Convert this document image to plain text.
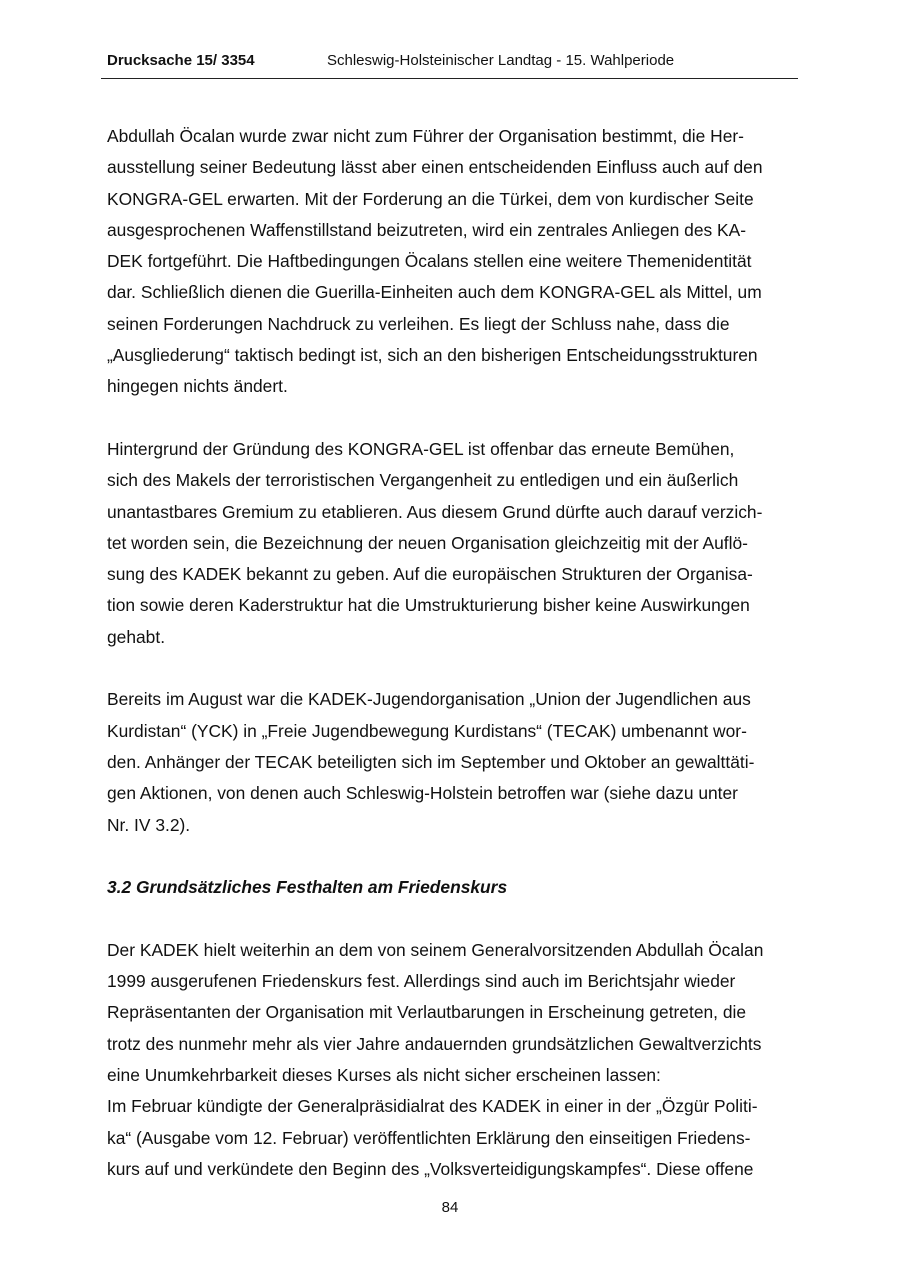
Drucksache 15/ 3354	Schleswig-Holsteinischer Landtag - 15. Wahlperiode
Abdullah Öcalan wurde zwar nicht zum Führer der Organisation bestimmt, die Her-
ausstellung seiner Bedeutung lässt aber einen entscheidenden Einfluss auch auf den
KONGRA-GEL erwarten. Mit der Forderung an die Türkei, dem von kurdischer Seite
ausgesprochenen Waffenstillstand beizutreten, wird ein zentrales Anliegen des KA-
DEK fortgeführt. Die Haftbedingungen Öcalans stellen eine weitere Themenidentität
dar. Schließlich dienen die Guerilla-Einheiten auch dem KONGRA-GEL als Mittel, um
seinen Forderungen Nachdruck zu verleihen. Es liegt der Schluss nahe, dass die
„Ausgliederung“ taktisch bedingt ist, sich an den bisherigen Entscheidungsstrukturen
hingegen nichts ändert.
Hintergrund der Gründung des KONGRA-GEL ist offenbar das erneute Bemühen,
sich des Makels der terroristischen Vergangenheit zu entledigen und ein äußerlich
unantastbares Gremium zu etablieren. Aus diesem Grund dürfte auch darauf verzich-
tet worden sein, die Bezeichnung der neuen Organisation gleichzeitig mit der Auflö-
sung des KADEK bekannt zu geben. Auf die europäischen Strukturen der Organisa-
tion sowie deren Kaderstruktur hat die Umstrukturierung bisher keine Auswirkungen
gehabt.
Bereits im August war die KADEK-Jugendorganisation „Union der Jugendlichen aus
Kurdistan“ (YCK) in „Freie Jugendbewegung Kurdistans“ (TECAK) umbenannt wor-
den. Anhänger der TECAK beteiligten sich im September und Oktober an gewalttäti-
gen Aktionen, von denen auch Schleswig-Holstein betroffen war (siehe dazu unter
Nr. IV 3.2).
3.2 Grundsätzliches Festhalten am Friedenskurs
Der KADEK hielt weiterhin an dem von seinem Generalvorsitzenden Abdullah Öcalan
1999 ausgerufenen Friedenskurs fest. Allerdings sind auch im Berichtsjahr wieder
Repräsentanten der Organisation mit Verlautbarungen in Erscheinung getreten, die
trotz des nunmehr mehr als vier Jahre andauernden grundsätzlichen Gewaltverzichts
eine Unumkehrbarkeit dieses Kurses als nicht sicher erscheinen lassen:
Im Februar kündigte der Generalpräsidialrat des KADEK in einer in der „Özgür Politi-
ka“ (Ausgabe vom 12. Februar) veröffentlichten Erklärung den einseitigen Friedens-
kurs auf und verkündete den Beginn des „Volksverteidigungskampfes“. Diese offene
84
